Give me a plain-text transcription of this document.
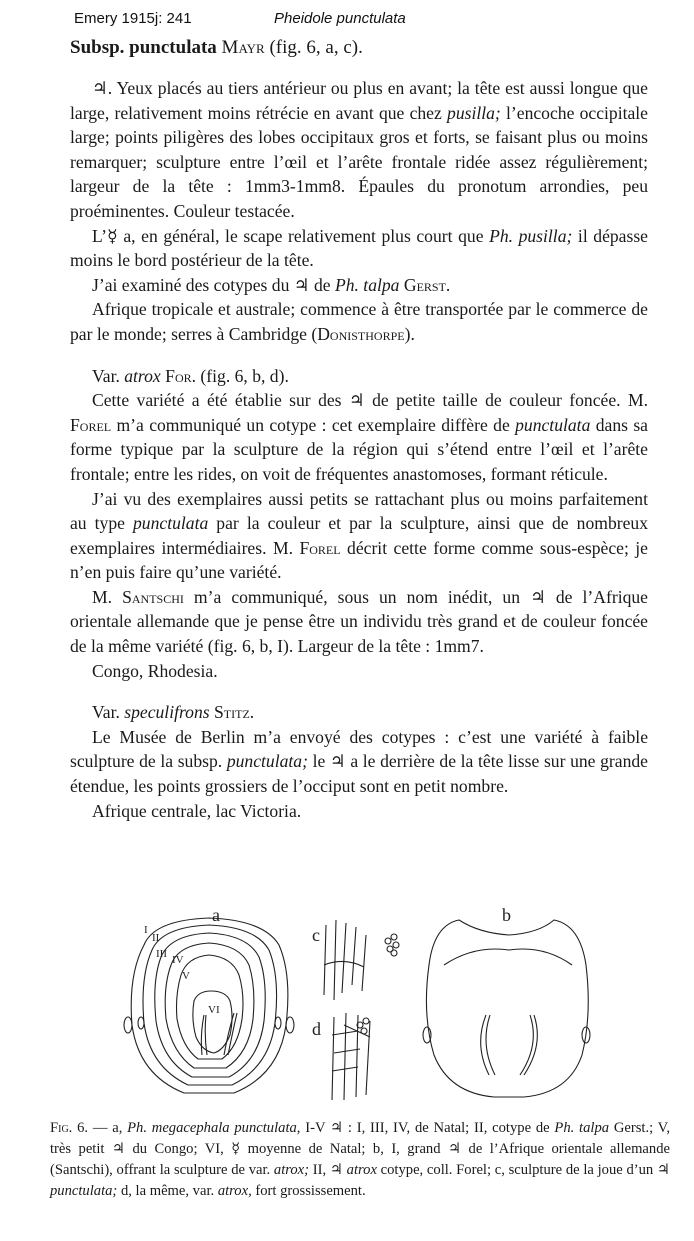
Emery 1915j: 241	Pheidole punctulata
Subsp. punctulata Mayr (fig. 6, a, c).

♃. Yeux placés au tiers antérieur ou plus en avant; la tête est aussi longue que large, relativement moins rétrécie en avant que chez pusilla; l’encoche occipitale large; points piligères des lobes occipitaux gros et forts, se faisant plus ou moins remarquer; sculpture entre l’œil et l’arête frontale ridée assez régulièrement; largeur de la tête : 1mm3-1mm8. Épaules du pronotum arrondies, peu proéminentes. Couleur testacée.

L’☿ a, en général, le scape relativement plus court que Ph. pusilla; il dépasse moins le bord postérieur de la tête.

J’ai examiné des cotypes du ♃ de Ph. talpa Gerst.

Afrique tropicale et australe; commence à être transportée par le commerce de par le monde; serres à Cambridge (Donisthorpe).

Var. atrox For. (fig. 6, b, d).

Cette variété a été établie sur des ♃ de petite taille de couleur foncée. M. Forel m’a communiqué un cotype : cet exemplaire diffère de punctulata dans sa forme typique par la sculpture de la région qui s’étend entre l’œil et l’arête frontale; entre les rides, on voit de fréquentes anastomoses, formant réticule.

J’ai vu des exemplaires aussi petits se rattachant plus ou moins parfaitement au type punctulata par la couleur et par la sculpture, ainsi que de nombreux exemplaires intermédiaires. M. Forel décrit cette forme comme sous-espèce; je n’en puis faire qu’une variété.

M. Santschi m’a communiqué, sous un nom inédit, un ♃ de l’Afrique orientale allemande que je pense être un individu très grand et de couleur foncée de la même variété (fig. 6, b, I). Largeur de la tête : 1mm7.

Congo, Rhodesia.

Var. speculifrons Stitz.

Le Musée de Berlin m’a envoyé des cotypes : c’est une variété à faible sculpture de la subsp. punctulata; le ♃ a le derrière de la tête lisse sur une grande étendue, les points grossiers de l’occiput sont en petit nombre.

Afrique centrale, lac Victoria.

a	b
c
d
I
II
III IV
V
VI
Fig. 6. — a, Ph. megacephala punctulata, I-V ♃ : I, III, IV, de Natal; II, cotype de Ph. talpa Gerst.; V, très petit ♃ du Congo; VI, ☿ moyenne de Natal; b, I, grand ♃ de l’Afrique orientale allemande (Santschi), offrant la sculpture de var. atrox; II, ♃ atrox cotype, coll. Forel; c, sculpture de la joue d’un ♃ punctulata; d, la même, var. atrox, fort grossissement.
